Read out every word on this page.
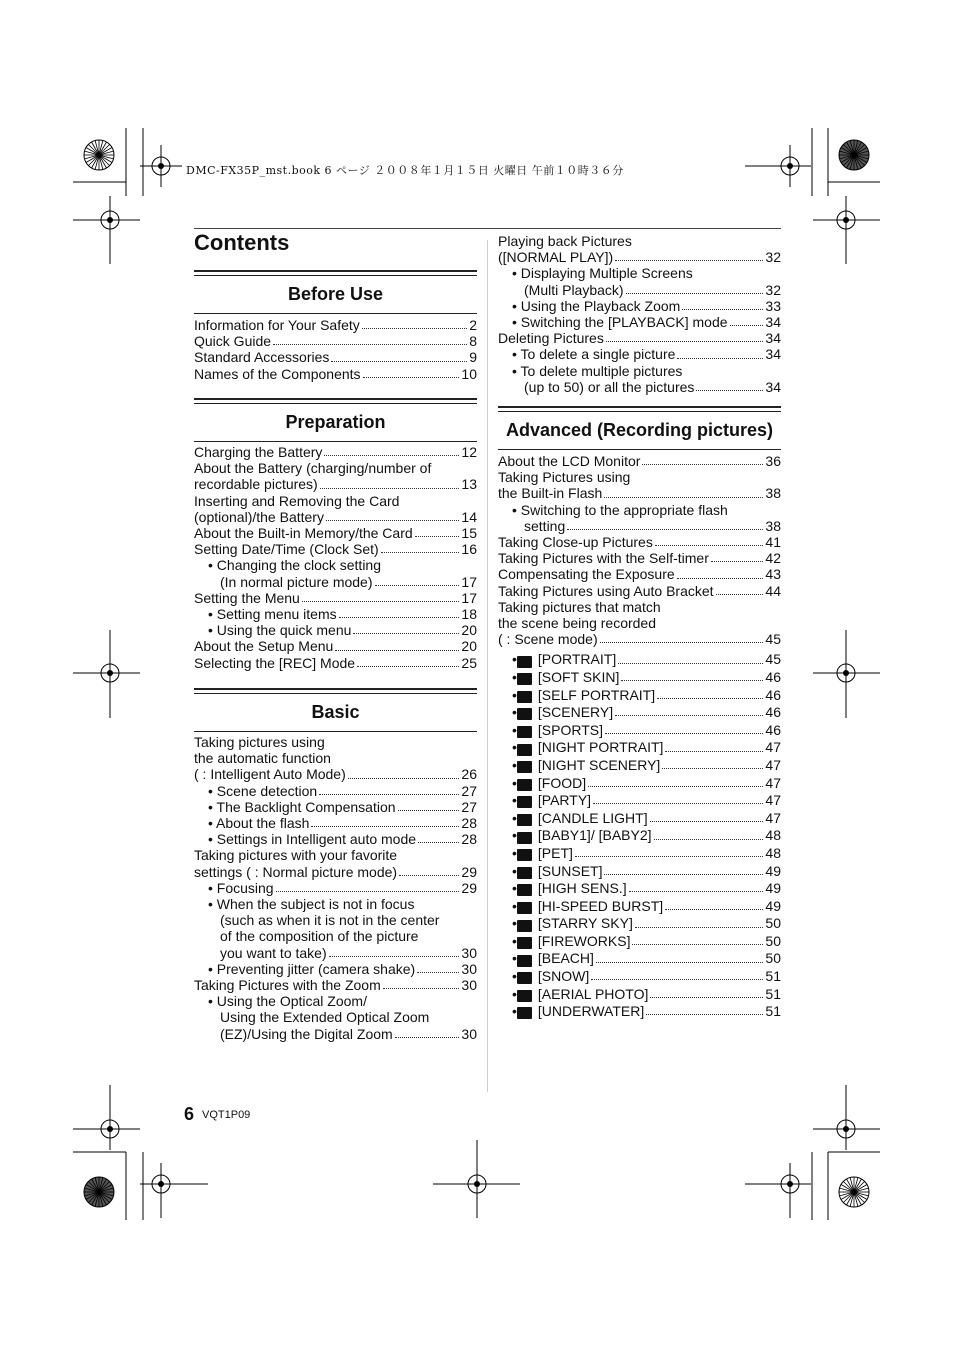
DMC-FX35P_mst.book 6 ページ ２００８年１月１５日 火曜日 午前１０時３６分
Contents
Before Use
Information for Your Safety	2
Quick Guide	8
Standard Accessories	9
Names of the Components	10
Preparation
Charging the Battery	12
About the Battery (charging/number of
recordable pictures)	13
Inserting and Removing the Card
(optional)/the Battery	14
About the Built-in Memory/the Card	15
Setting Date/Time (Clock Set)	16
• Changing the clock setting
(In normal picture mode)	17
Setting the Menu	17
• Setting menu items	18
• Using the quick menu	20
About the Setup Menu	20
Selecting the [REC] Mode	25
Basic
Taking pictures using
the automatic function
( : Intelligent Auto Mode)	26
• Scene detection	27
• The Backlight Compensation	27
• About the flash	28
• Settings in Intelligent auto mode	28
Taking pictures with your favorite
settings ( : Normal picture mode)	29
• Focusing	29
• When the subject is not in focus
(such as when it is not in the center
of the composition of the picture
you want to take)	30
• Preventing jitter (camera shake)	30
Taking Pictures with the Zoom	30
• Using the Optical Zoom/
Using the Extended Optical Zoom
(EZ)/Using the Digital Zoom	30
Playing back Pictures
([NORMAL PLAY])	32
• Displaying Multiple Screens
(Multi Playback)	32
• Using the Playback Zoom	33
• Switching the [PLAYBACK] mode	34
Deleting Pictures	34
• To delete a single picture	34
• To delete multiple pictures
(up to 50) or all the pictures	34
Advanced (Recording pictures)
About the LCD Monitor	36
Taking Pictures using
the Built-in Flash	38
• Switching to the appropriate flash
setting	38
Taking Close-up Pictures	41
Taking Pictures with the Self-timer	42
Compensating the Exposure	43
Taking Pictures using Auto Bracket	44
Taking pictures that match
the scene being recorded
( : Scene mode)	45
• [PORTRAIT]	45
• [SOFT SKIN]	46
• [SELF PORTRAIT]	46
• [SCENERY]	46
• [SPORTS]	46
• [NIGHT PORTRAIT]	47
• [NIGHT SCENERY]	47
• [FOOD]	47
• [PARTY]	47
• [CANDLE LIGHT]	47
• [BABY1]/ [BABY2]	48
• [PET]	48
• [SUNSET]	49
• [HIGH SENS.]	49
• [HI-SPEED BURST]	49
• [STARRY SKY]	50
• [FIREWORKS]	50
• [BEACH]	50
• [SNOW]	51
• [AERIAL PHOTO]	51
• [UNDERWATER]	51
6 VQT1P09
